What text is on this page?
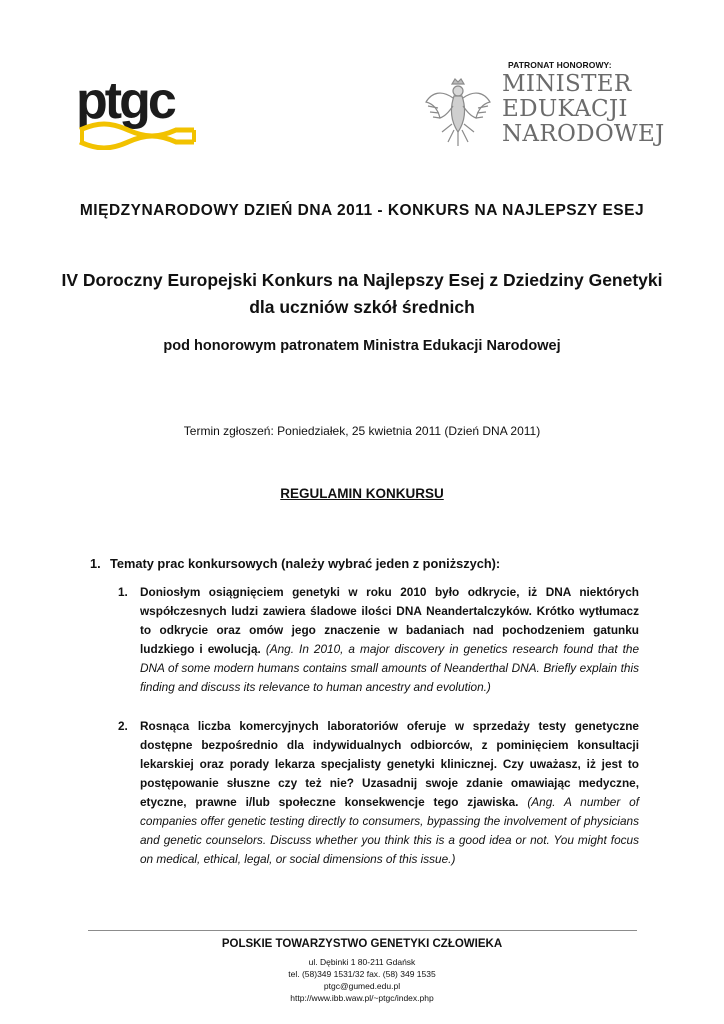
ptgc
PATRONAT HONOROWY:
MINISTER
EDUKACJI
NARODOWEJ
MIĘDZYNARODOWY DZIEŃ DNA 2011 - KONKURS NA NAJLEPSZY ESEJ
IV Doroczny Europejski Konkurs na Najlepszy Esej z Dziedziny Genetyki
dla uczniów szkół średnich
pod honorowym patronatem Ministra Edukacji Narodowej
Termin zgłoszeń: Poniedziałek, 25 kwietnia 2011 (Dzień DNA 2011)
REGULAMIN KONKURSU
1. Tematy prac konkursowych (należy wybrać jeden z poniższych):
1.	Doniosłym osiągnięciem genetyki w roku 2010 było odkrycie, iż DNA niektórych współczesnych ludzi zawiera śladowe ilości DNA Neandertalczyków. Krótko wytłumacz to odkrycie oraz omów jego znaczenie w badaniach nad pochodzeniem gatunku ludzkiego i ewolucją. (Ang. In 2010, a major discovery in genetics research found that the DNA of some modern humans contains small amounts of Neanderthal DNA. Briefly explain this finding and discuss its relevance to human ancestry and evolution.)
2.	Rosnąca liczba komercyjnych laboratoriów oferuje w sprzedaży testy genetyczne dostępne bezpośrednio dla indywidualnych odbiorców, z pominięciem konsultacji lekarskiej oraz porady lekarza specjalisty genetyki klinicznej. Czy uważasz, iż jest to postępowanie słuszne czy też nie? Uzasadnij swoje zdanie omawiając medyczne, etyczne, prawne i/lub społeczne konsekwencje tego zjawiska. (Ang. A number of companies offer genetic testing directly to consumers, bypassing the involvement of physicians and genetic counselors. Discuss whether you think this is a good idea or not. You might focus on medical, ethical, legal, or social dimensions of this issue.)
POLSKIE TOWARZYSTWO GENETYKI CZŁOWIEKA
ul. Dębinki 1 80-211 Gdańsk
tel. (58)349 1531/32 fax. (58) 349 1535
ptgc@gumed.edu.pl
http://www.ibb.waw.pl/~ptgc/index.php
